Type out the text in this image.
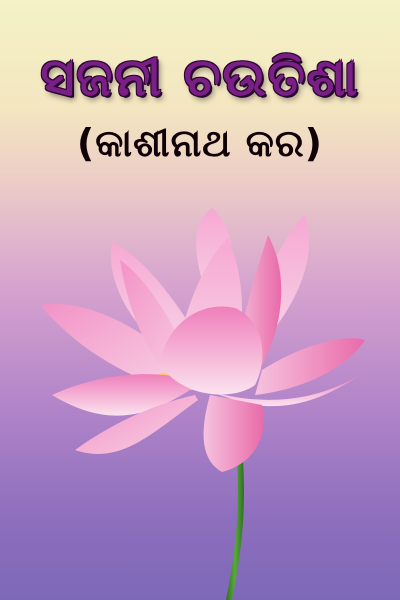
ସଜନୀ ଚଉତିଶା
(କାଶୀନାଥ କର)
